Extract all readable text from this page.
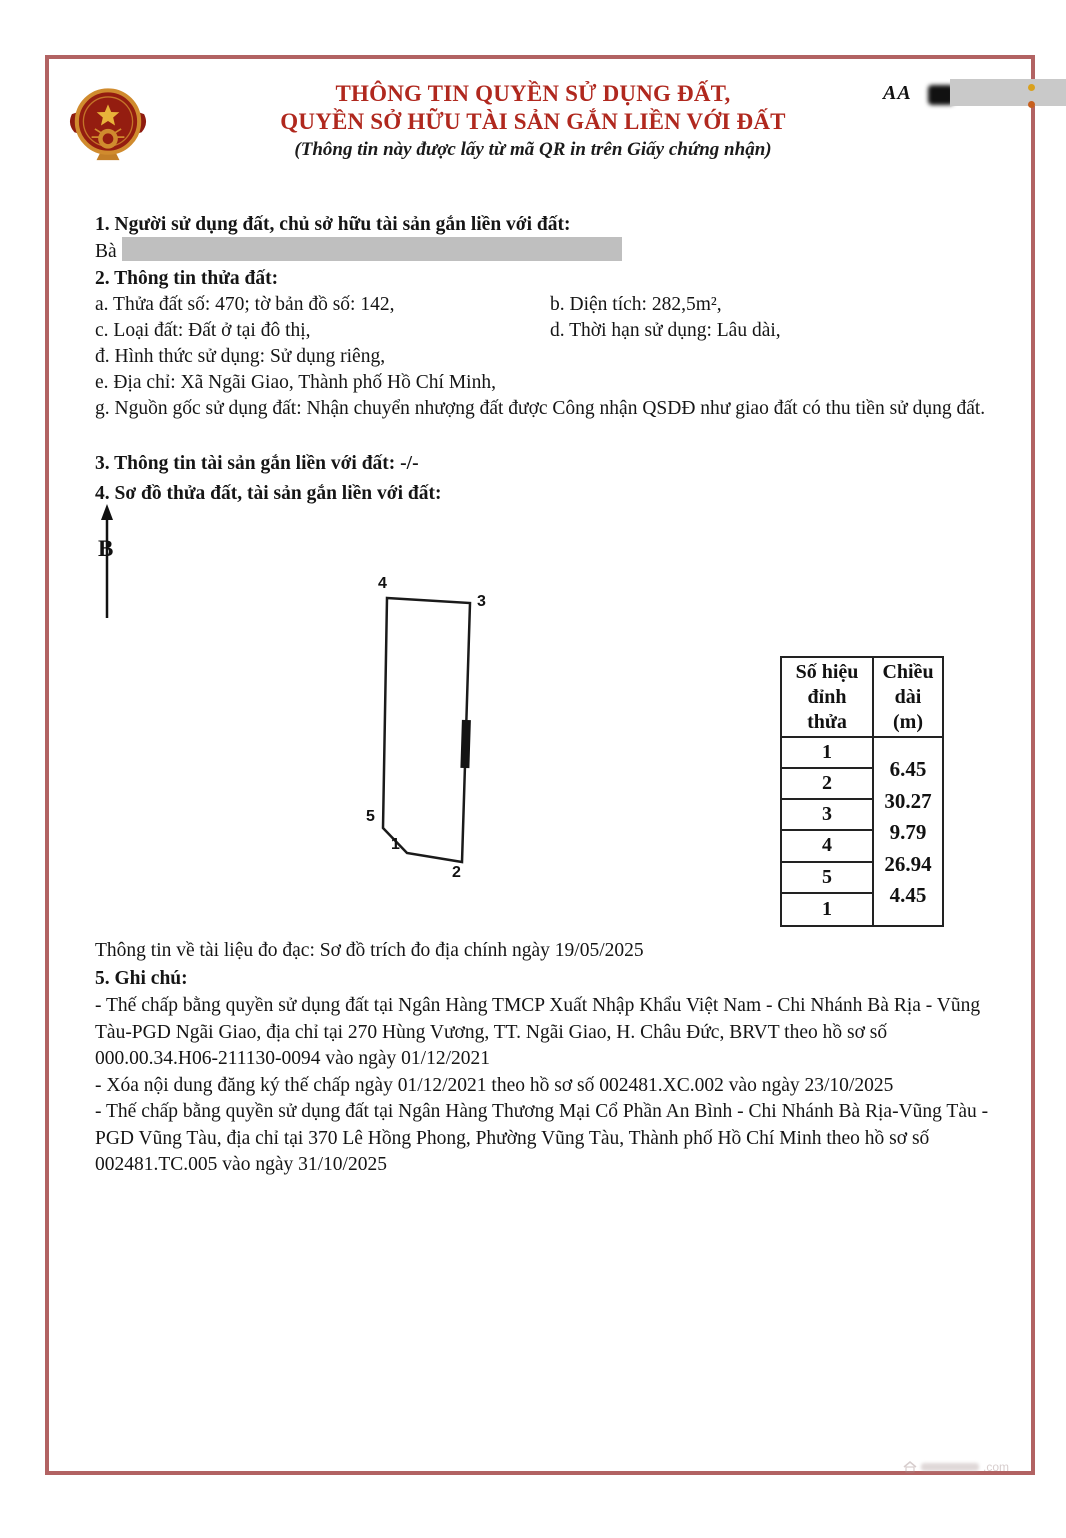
THÔNG TIN QUYỀN SỬ DỤNG ĐẤT,
QUYỀN SỞ HỮU TÀI SẢN GẮN LIỀN VỚI ĐẤT
(Thông tin này được lấy từ mã QR in trên Giấy chứng nhận)
AA
1. Người sử dụng đất, chủ sở hữu tài sản gắn liền với đất:
Bà
2. Thông tin thửa đất:
a. Thửa đất số: 470; tờ bản đồ số: 142,	b. Diện tích: 282,5m²,
c. Loại đất: Đất ở tại đô thị,	d. Thời hạn sử dụng: Lâu dài,
đ. Hình thức sử dụng: Sử dụng riêng,
e. Địa chỉ: Xã Ngãi Giao, Thành phố Hồ Chí Minh,
g. Nguồn gốc sử dụng đất: Nhận chuyển nhượng đất được Công nhận QSDĐ như giao đất có thu tiền sử dụng đất.
3. Thông tin tài sản gắn liền với đất: -/-
4. Sơ đồ thửa đất, tài sản gắn liền với đất:
B
1
2
3
4
5
Số hiệu đỉnh thửa
1
2
3
4
5
1
Chiều dài (m)
6.45
30.27
9.79
26.94
4.45
Thông tin về tài liệu đo đạc: Sơ đồ trích đo địa chính ngày 19/05/2025
5. Ghi chú:

- Thế chấp bằng quyền sử dụng đất tại Ngân Hàng TMCP Xuất Nhập Khẩu Việt Nam - Chi Nhánh Bà Rịa - Vũng Tàu-PGD Ngãi Giao, địa chỉ tại 270 Hùng Vương, TT. Ngãi Giao, H. Châu Đức, BRVT theo hồ sơ số 000.00.34.H06-211130-0094 vào ngày 01/12/2021

- Xóa nội dung đăng ký thế chấp ngày 01/12/2021 theo hồ sơ số 002481.XC.002 vào ngày 23/10/2025

- Thế chấp bằng quyền sử dụng đất tại Ngân Hàng Thương Mại Cổ Phần An Bình - Chi Nhánh Bà Rịa-Vũng Tàu - PGD Vũng Tàu, địa chỉ tại 370 Lê Hồng Phong, Phường Vũng Tàu, Thành phố Hồ Chí Minh theo hồ sơ số 002481.TC.005 vào ngày 31/10/2025

.com
